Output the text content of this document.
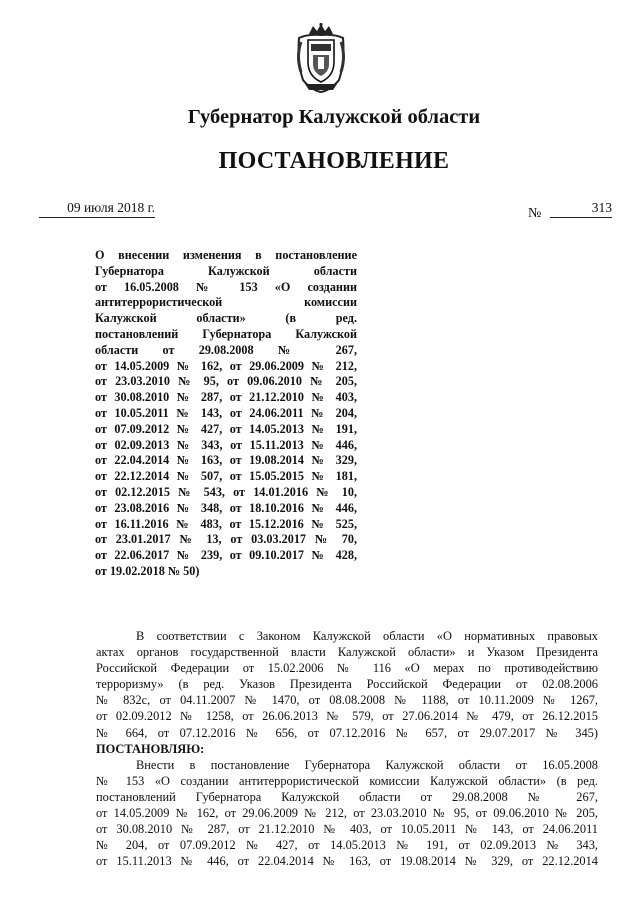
Губернатор Калужской области
ПОСТАНОВЛЕНИЕ
09 июля 2018 г.	№	313
О внесении изменения в постановление
Губернатора Калужской области
от 16.05.2008 № 153 «О создании
антитеррористической комиссии
Калужской области» (в ред.
постановлений Губернатора Калужской
области от 29.08.2008 № 267,
от 14.05.2009 № 162, от 29.06.2009 № 212,
от 23.03.2010 № 95, от 09.06.2010 № 205,
от 30.08.2010 № 287, от 21.12.2010 № 403,
от 10.05.2011 № 143, от 24.06.2011 № 204,
от 07.09.2012 № 427, от 14.05.2013 № 191,
от 02.09.2013 № 343, от 15.11.2013 № 446,
от 22.04.2014 № 163, от 19.08.2014 № 329,
от 22.12.2014 № 507, от 15.05.2015 № 181,
от 02.12.2015 № 543, от 14.01.2016 № 10,
от 23.08.2016 № 348, от 18.10.2016 № 446,
от 16.11.2016 № 483, от 15.12.2016 № 525,
от 23.01.2017 № 13, от 03.03.2017 № 70,
от 22.06.2017 № 239, от 09.10.2017 № 428,
от 19.02.2018 № 50)
В соответствии с Законом Калужской области «О нормативных правовых
актах органов государственной власти Калужской области» и Указом Президента
Российской Федерации от 15.02.2006 № 116 «О мерах по противодействию
терроризму» (в ред. Указов Президента Российской Федерации от 02.08.2006
№ 832с, от 04.11.2007 № 1470, от 08.08.2008 № 1188, от 10.11.2009 № 1267,
от 02.09.2012 № 1258, от 26.06.2013 № 579, от 27.06.2014 № 479, от 26.12.2015
№ 664, от 07.12.2016 № 656, от 07.12.2016 № 657, от 29.07.2017 № 345)
ПОСТАНОВЛЯЮ:
Внести в постановление Губернатора Калужской области от 16.05.2008
№ 153 «О создании антитеррористической комиссии Калужской области» (в ред.
постановлений Губернатора Калужской области от 29.08.2008 № 267,
от 14.05.2009 № 162, от 29.06.2009 № 212, от 23.03.2010 № 95, от 09.06.2010 № 205,
от 30.08.2010 № 287, от 21.12.2010 № 403, от 10.05.2011 № 143, от 24.06.2011
№ 204, от 07.09.2012 № 427, от 14.05.2013 № 191, от 02.09.2013 № 343,
от 15.11.2013 № 446, от 22.04.2014 № 163, от 19.08.2014 № 329, от 22.12.2014
